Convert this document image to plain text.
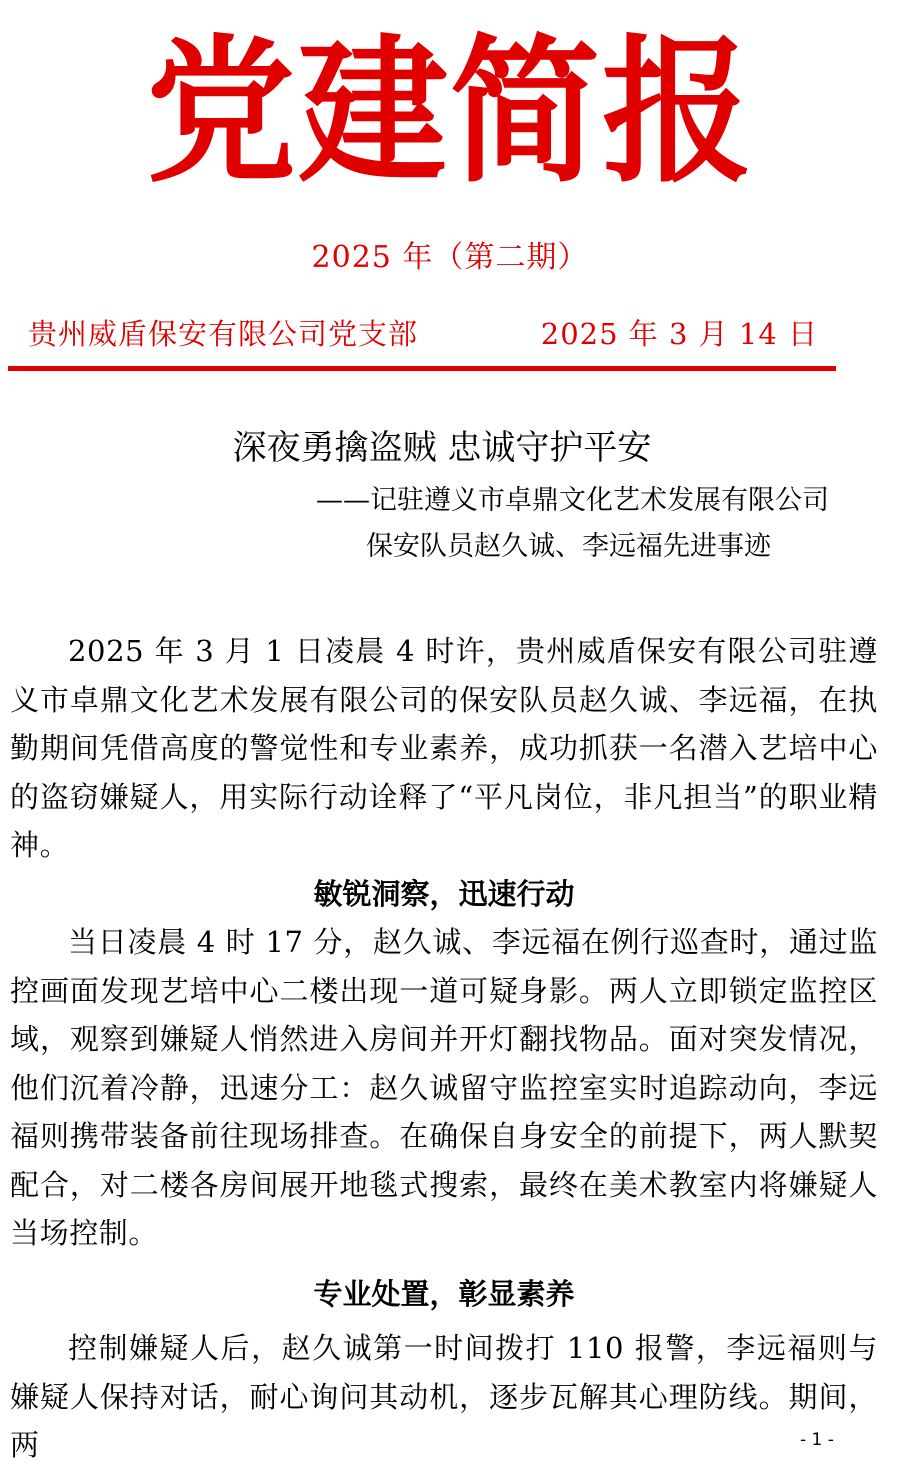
党建简报
2025 年（第二期）
贵州威盾保安有限公司党支部	2025 年 3 月 14 日
深夜勇擒盗贼 忠诚守护平安
——记驻遵义市卓鼎文化艺术发展有限公司
保安队员赵久诚、李远福先进事迹

2025 年 3 月 1 日凌晨 4 时许，贵州威盾保安有限公司驻遵义市卓鼎文化艺术发展有限公司的保安队员赵久诚、李远福，在执勤期间凭借高度的警觉性和专业素养，成功抓获一名潜入艺培中心的盗窃嫌疑人，用实际行动诠释了“平凡岗位，非凡担当”的职业精神。

敏锐洞察，迅速行动

当日凌晨 4 时 17 分，赵久诚、李远福在例行巡查时，通过监控画面发现艺培中心二楼出现一道可疑身影。两人立即锁定监控区域，观察到嫌疑人悄然进入房间并开灯翻找物品。面对突发情况，他们沉着冷静，迅速分工：赵久诚留守监控室实时追踪动向，李远福则携带装备前往现场排查。在确保自身安全的前提下，两人默契配合，对二楼各房间展开地毯式搜索，最终在美术教室内将嫌疑人当场控制。

专业处置，彰显素养

控制嫌疑人后，赵久诚第一时间拨打 110 报警，李远福则与嫌疑人保持对话，耐心询问其动机，逐步瓦解其心理防线。期间，两	- 1 -
